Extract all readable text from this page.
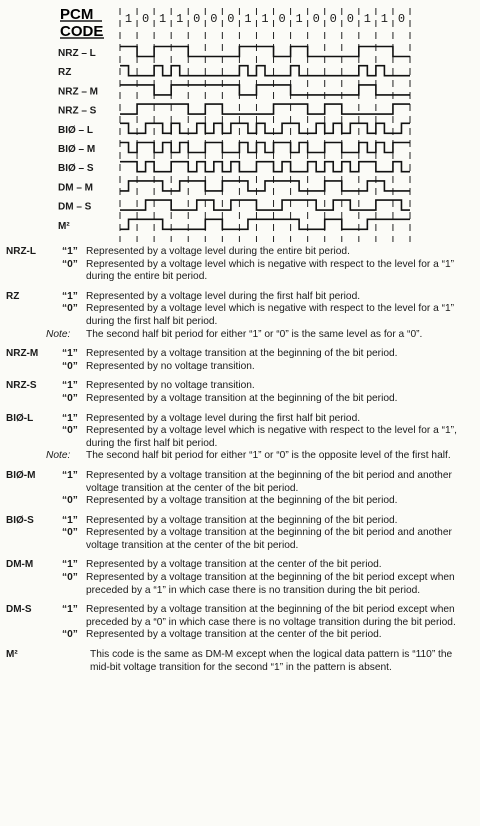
PCM
CODE
1 0 1 1 0 0 0 1 1 0 1 0 0 0 1 1 0
NRZ – L
RZ
NRZ – M
NRZ – S
BIØ – L
BIØ – M
BIØ – S
DM – M
DM – S
M²
NRZ-L	“1” Represented by a voltage level during the entire bit period.
“0” Represented by a voltage level which is negative with respect to the level for a “1” during the entire bit period.
RZ	“1” Represented by a voltage level during the first half bit period.
“0” Represented by a voltage level which is negative with respect to the level for a “1” during the first half bit period.
Note: The second half bit period for either “1” or “0” is the same level as for a “0”.
NRZ-M “1” Represented by a voltage transition at the beginning of the bit period.
“0” Represented by no voltage transition.
NRZ-S “1” Represented by no voltage transition.
“0” Represented by a voltage transition at the beginning of the bit period.
BIØ-L	“1” Represented by a voltage level during the first half bit period.
“0” Represented by a voltage level which is negative with respect to the level for a “1”, during the first half bit period.
Note: The second half bit period for either “1” or “0” is the opposite level of the first half.
BIØ-M	“1” Represented by a voltage transition at the beginning of the bit period and another voltage transition at the center of the bit period.
“0” Represented by a voltage transition at the beginning of the bit period.
BIØ-S	“1” Represented by a voltage transition at the beginning of the bit period.
“0” Represented by a voltage transition at the beginning of the bit period and another voltage transition at the center of the bit period.
DM-M	“1” Represented by a voltage transition at the center of the bit period.
“0” Represented by a voltage transition at the beginning of the bit period except when preceded by a “1” in which case there is no transition during the bit period.
DM-S	“1” Represented by a voltage transition at the beginning of the bit period except when preceded by a “0” in which case there is no voltage transition during the bit period.
“0” Represented by a voltage transition at the center of the bit period.
M²	This code is the same as DM-M except when the logical data pattern is “110” the mid-bit voltage transition for the second “1” in the pattern is absent.
